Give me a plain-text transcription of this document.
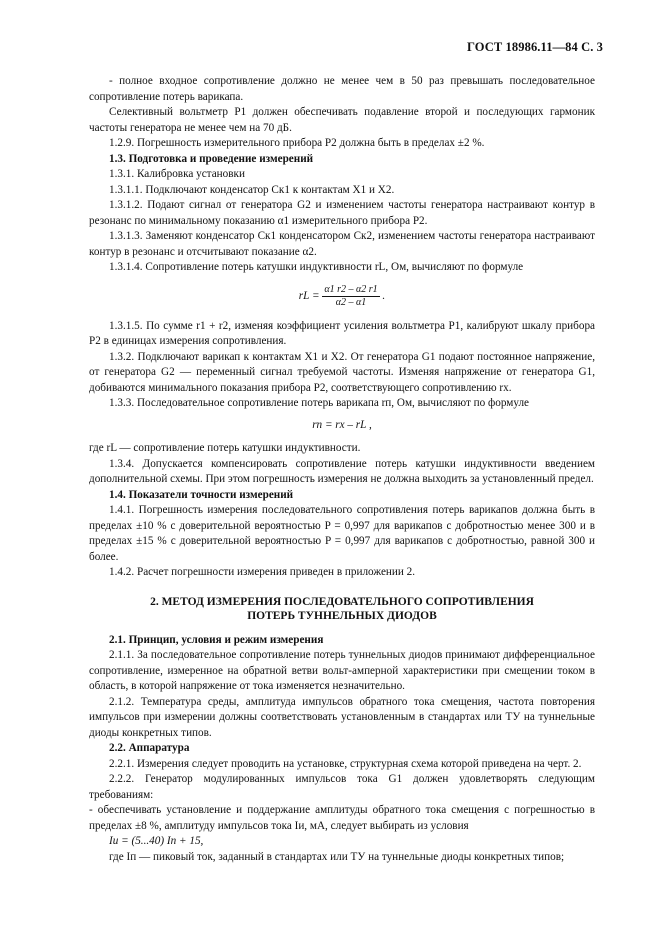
ГОСТ 18986.11—84 С. 3

- полное входное сопротивление должно не менее чем в 50 раз превышать последовательное сопротивление потерь варикапа.

Селективный вольтметр P1 должен обеспечивать подавление второй и последующих гармоник частоты генератора не менее чем на 70 дБ.

1.2.9. Погрешность измерительного прибора P2 должна быть в пределах ±2 %.

1.3. Подготовка и проведение измерений

1.3.1. Калибровка установки

1.3.1.1. Подключают конденсатор Cк1 к контактам X1 и X2.

1.3.1.2. Подают сигнал от генератора G2 и изменением частоты генератора настраивают контур в резонанс по минимальному показанию α1 измерительного прибора P2.

1.3.1.3. Заменяют конденсатор Cк1 конденсатором Cк2, изменением частоты генератора настраивают контур в резонанс и отсчитывают показание α2.

1.3.1.4. Сопротивление потерь катушки индуктивности rL, Ом, вычисляют по формуле

rL = $\frac{\alpha 1 r2 - \alpha 2 r1}{\alpha 2 - \alpha 1}$ .

1.3.1.5. По сумме r1 + r2, изменяя коэффициент усиления вольтметра P1, калибруют шкалу прибора P2 в единицах измерения сопротивления.

1.3.2. Подключают варикап к контактам X1 и X2. От генератора G1 подают постоянное напряжение, от генератора G2 — переменный сигнал требуемой частоты. Изменяя напряжение от генератора G1, добиваются минимального показания прибора P2, соответствующего сопротивлению rx.

1.3.3. Последовательное сопротивление потерь варикапа rп, Ом, вычисляют по формуле

rп = rx – rL ,

где rL — сопротивление потерь катушки индуктивности.

1.3.4. Допускается компенсировать сопротивление потерь катушки индуктивности введением дополнительной схемы. При этом погрешность измерения не должна выходить за установленный предел.

1.4. Показатели точности измерений

1.4.1. Погрешность измерения последовательного сопротивления потерь варикапов должна быть в пределах ±10 % с доверительной вероятностью P = 0,997 для варикапов с добротностью менее 300 и в пределах ±15 % с доверительной вероятностью P = 0,997 для варикапов с добротностью, равной 300 и более.

1.4.2. Расчет погрешности измерения приведен в приложении 2.

2. МЕТОД ИЗМЕРЕНИЯ ПОСЛЕДОВАТЕЛЬНОГО СОПРОТИВЛЕНИЯ
ПОТЕРЬ ТУННЕЛЬНЫХ ДИОДОВ

2.1. Принцип, условия и режим измерения

2.1.1. За последовательное сопротивление потерь туннельных диодов принимают дифференциальное сопротивление, измеренное на обратной ветви вольт-амперной характеристики при смещении током в область, в которой напряжение от тока изменяется незначительно.

2.1.2. Температура среды, амплитуда импульсов обратного тока смещения, частота повторения импульсов при измерении должны соответствовать установленным в стандартах или ТУ на туннельные диоды конкретных типов.

2.2. Аппаратура

2.2.1. Измерения следует проводить на установке, структурная схема которой приведена на черт. 2.

2.2.2. Генератор модулированных импульсов тока G1 должен удовлетворять следующим требованиям:

- обеспечивать установление и поддержание амплитуды обратного тока смещения с погрешностью в пределах ±8 %, амплитуду импульсов тока Iи, мА, следует выбирать из условия

Iи = (5...40) Iп + 15,

где Iп — пиковый ток, заданный в стандартах или ТУ на туннельные диоды конкретных типов;
